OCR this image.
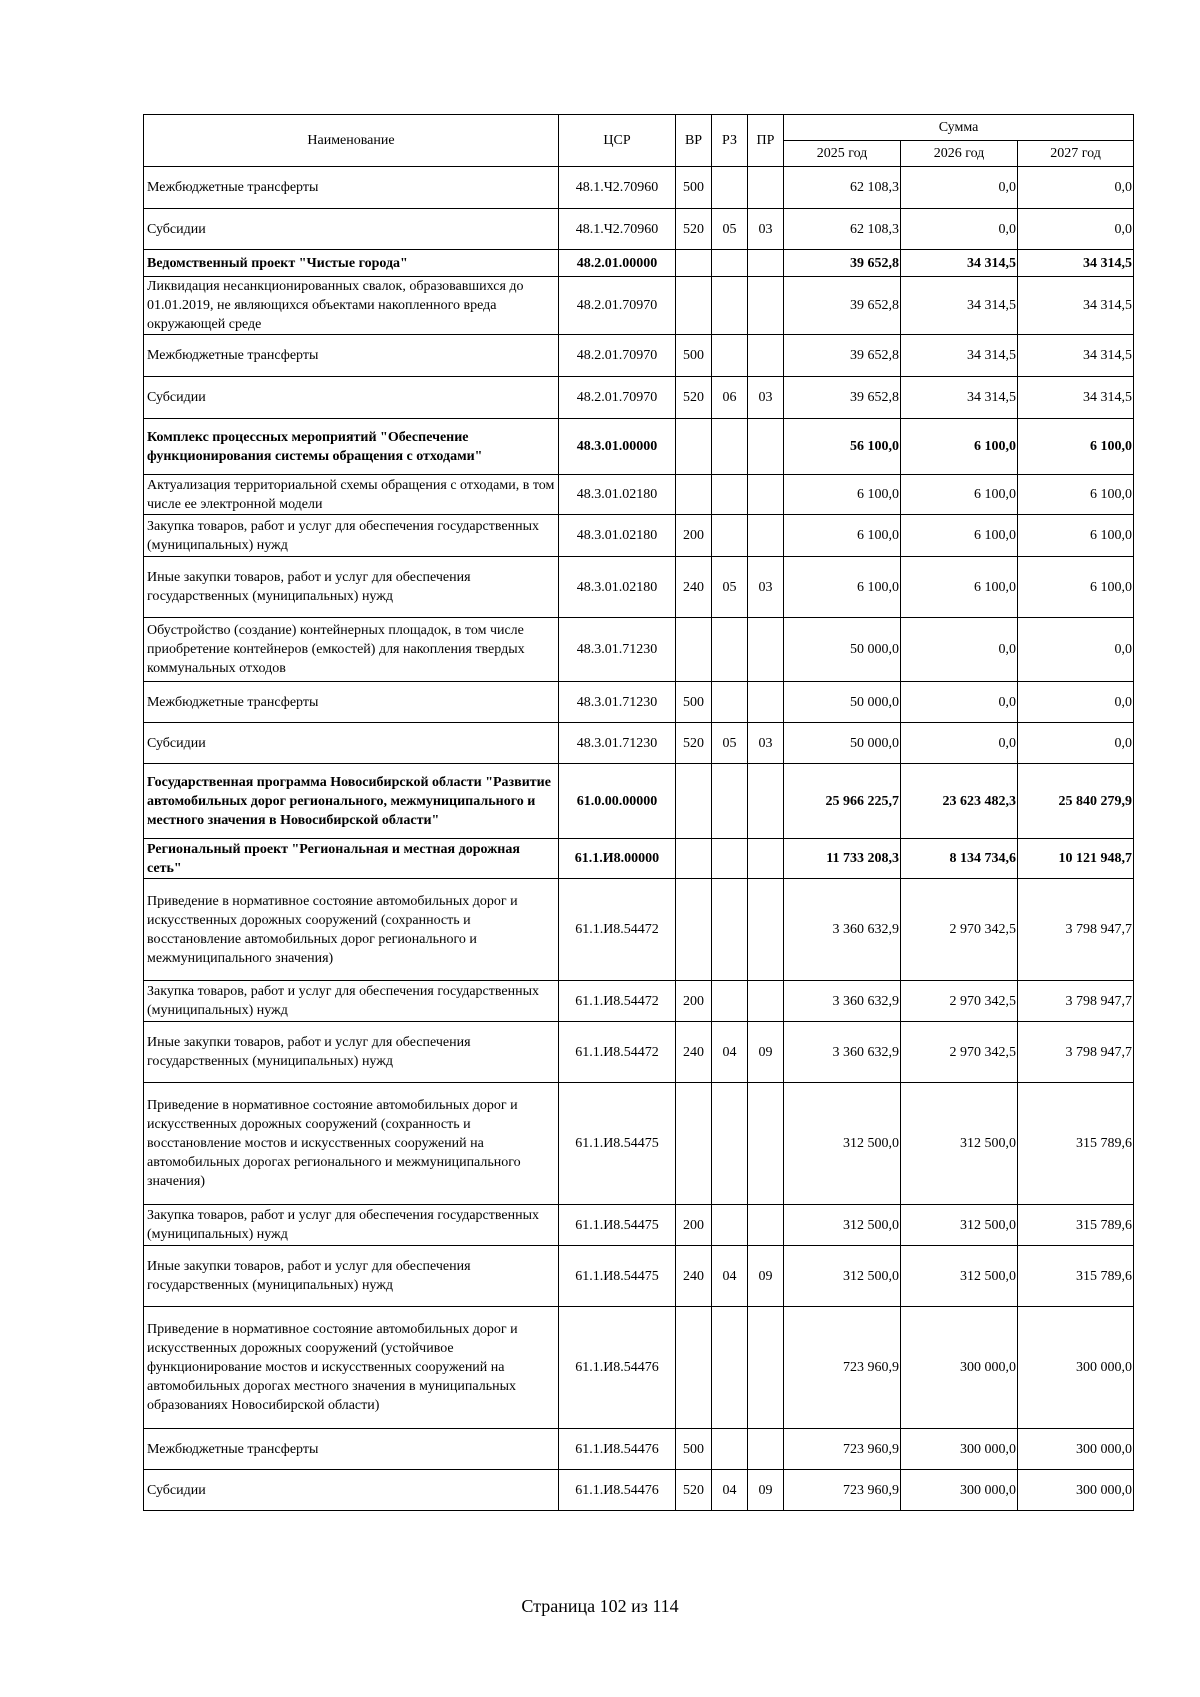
Наименование	ЦСР	ВР	РЗ	ПР	Сумма		
					2025 год	2026 год	2027 год
Межбюджетные трансферты	48.1.Ч2.70960	500			62 108,3	0,0	0,0
Субсидии	48.1.Ч2.70960	520	05	03	62 108,3	0,0	0,0
Ведомственный проект "Чистые города"	48.2.01.00000				39 652,8	34 314,5	34 314,5
Ликвидация несанкционированных свалок, образовавшихся до 01.01.2019, не являющихся объектами накопленного вреда окружающей среде	48.2.01.70970				39 652,8	34 314,5	34 314,5
Межбюджетные трансферты	48.2.01.70970	500			39 652,8	34 314,5	34 314,5
Субсидии	48.2.01.70970	520	06	03	39 652,8	34 314,5	34 314,5
Комплекс процессных мероприятий "Обеспечение функционирования системы обращения с отходами"	48.3.01.00000				56 100,0	6 100,0	6 100,0
Актуализация территориальной схемы обращения с отходами, в том числе ее электронной модели	48.3.01.02180				6 100,0	6 100,0	6 100,0
Закупка товаров, работ и услуг для обеспечения государственных (муниципальных) нужд	48.3.01.02180	200			6 100,0	6 100,0	6 100,0
Иные закупки товаров, работ и услуг для обеспечения государственных (муниципальных) нужд	48.3.01.02180	240	05	03	6 100,0	6 100,0	6 100,0
Обустройство (создание) контейнерных площадок, в том числе приобретение контейнеров (емкостей) для накопления твердых коммунальных отходов	48.3.01.71230				50 000,0	0,0	0,0
Межбюджетные трансферты	48.3.01.71230	500			50 000,0	0,0	0,0
Субсидии	48.3.01.71230	520	05	03	50 000,0	0,0	0,0
Государственная программа Новосибирской области "Развитие автомобильных дорог регионального, межмуниципального и местного значения в Новосибирской области"	61.0.00.00000				25 966 225,7	23 623 482,3	25 840 279,9
Региональный проект "Региональная и местная дорожная сеть"	61.1.И8.00000				11 733 208,3	8 134 734,6	10 121 948,7
Приведение в нормативное состояние автомобильных дорог и искусственных дорожных сооружений (сохранность и восстановление автомобильных дорог регионального и межмуниципального значения)	61.1.И8.54472				3 360 632,9	2 970 342,5	3 798 947,7
Закупка товаров, работ и услуг для обеспечения государственных (муниципальных) нужд	61.1.И8.54472	200			3 360 632,9	2 970 342,5	3 798 947,7
Иные закупки товаров, работ и услуг для обеспечения государственных (муниципальных) нужд	61.1.И8.54472	240	04	09	3 360 632,9	2 970 342,5	3 798 947,7
Приведение в нормативное состояние автомобильных дорог и искусственных дорожных сооружений (сохранность и восстановление мостов и искусственных сооружений на автомобильных дорогах регионального и межмуниципального значения)	61.1.И8.54475				312 500,0	312 500,0	315 789,6
Закупка товаров, работ и услуг для обеспечения государственных (муниципальных) нужд	61.1.И8.54475	200			312 500,0	312 500,0	315 789,6
Иные закупки товаров, работ и услуг для обеспечения государственных (муниципальных) нужд	61.1.И8.54475	240	04	09	312 500,0	312 500,0	315 789,6
Приведение в нормативное состояние автомобильных дорог и искусственных дорожных сооружений (устойчивое функционирование мостов и искусственных сооружений на автомобильных дорогах местного значения в муниципальных образованиях Новосибирской области)	61.1.И8.54476				723 960,9	300 000,0	300 000,0
Межбюджетные трансферты	61.1.И8.54476	500			723 960,9	300 000,0	300 000,0
Субсидии	61.1.И8.54476	520	04	09	723 960,9	300 000,0	300 000,0
Страница 102 из 114
